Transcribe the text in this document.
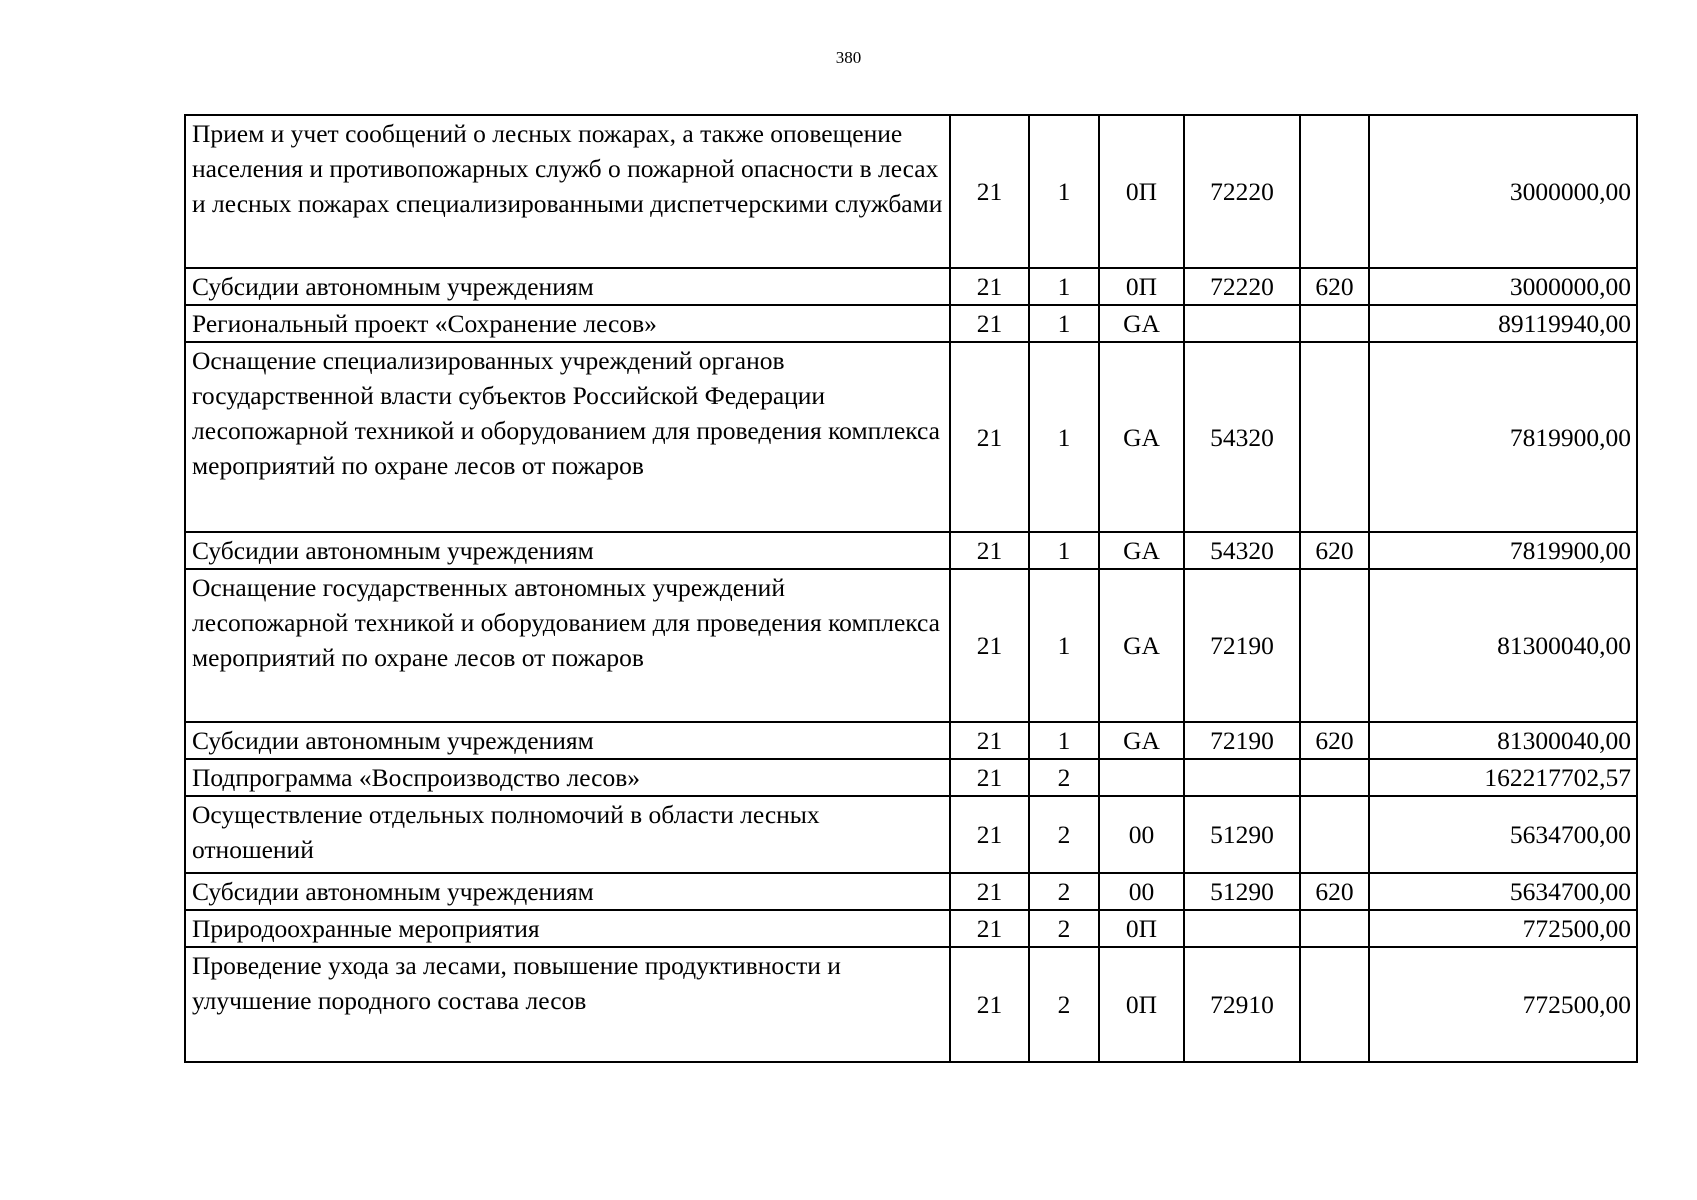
380
Прием и учет сообщений о лесных пожарах, а также оповещение населения и противопожарных служб о пожарной опасности в лесах и лесных пожарах специализированными диспетчерскими службами	21	1	0П	72220		3000000,00
Субсидии автономным учреждениям	21	1	0П	72220	620	3000000,00
Региональный проект «Сохранение лесов»	21	1	GA			89119940,00
Оснащение специализированных учреждений органов государственной власти субъектов Российской Федерации лесопожарной техникой и оборудованием для проведения комплекса мероприятий по охране лесов от пожаров	21	1	GA	54320		7819900,00
Субсидии автономным учреждениям	21	1	GA	54320	620	7819900,00
Оснащение государственных автономных учреждений лесопожарной техникой и оборудованием для проведения комплекса мероприятий по охране лесов от пожаров	21	1	GA	72190		81300040,00
Субсидии автономным учреждениям	21	1	GA	72190	620	81300040,00
Подпрограмма «Воспроизводство лесов»	21	2				162217702,57
Осуществление отдельных полномочий в области лесных отношений	21	2	00	51290		5634700,00
Субсидии автономным учреждениям	21	2	00	51290	620	5634700,00
Природоохранные мероприятия	21	2	0П			772500,00
Проведение ухода за лесами, повышение продуктивности и улучшение породного состава лесов	21	2	0П	72910		772500,00
